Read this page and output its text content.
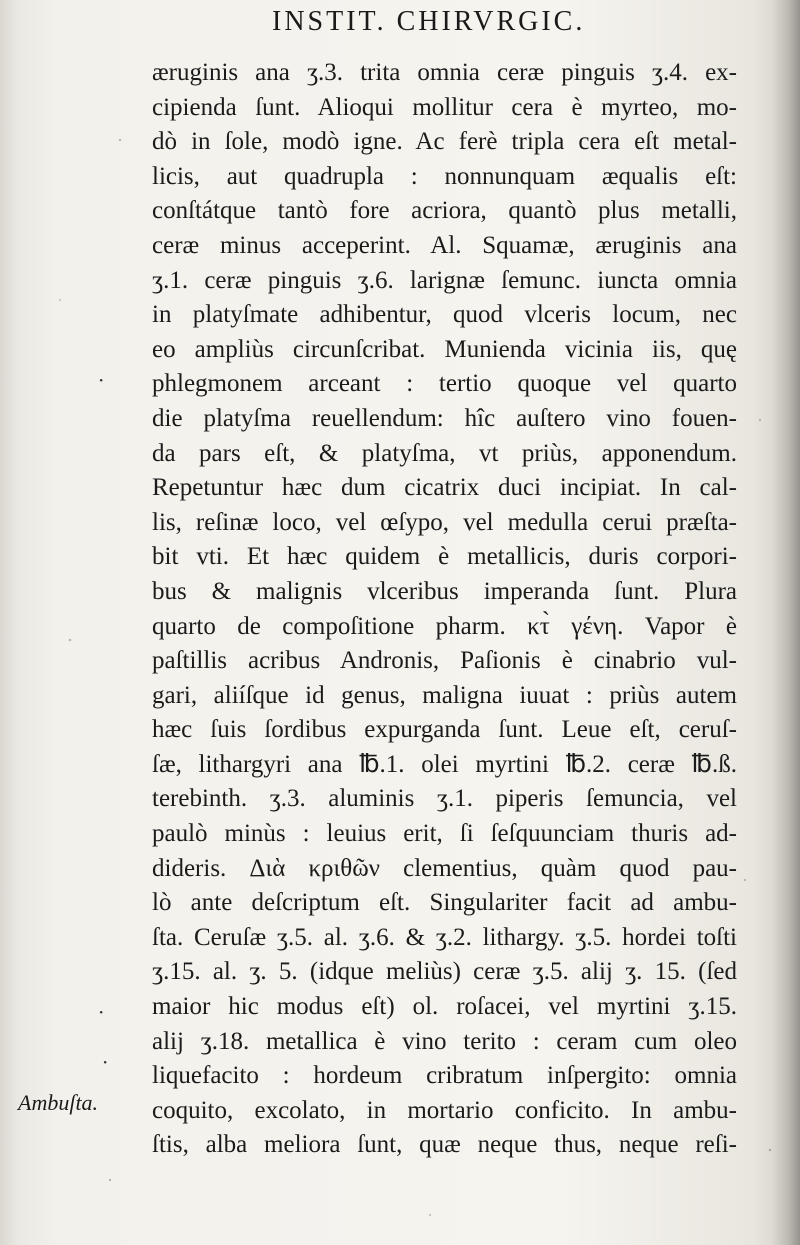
INSTIT. CHIRVRGIC.
æruginis ana ʒ.3. trita omnia ceræ pinguis ʒ.4. ex-
cipienda ſunt. Alioqui mollitur cera è myrteo, mo-
dò in ſole, modò igne. Ac ferè tripla cera eſt metal-
licis, aut quadrupla : nonnunquam æqualis eſt:
conſtátque tantò fore acriora, quantò plus metalli,
ceræ minus acceperint. Al. Squamæ, æruginis ana
ʒ.1. ceræ pinguis ʒ.6. larignæ ſemunc. iuncta omnia
in platyſmate adhibentur, quod vlceris locum, nec
eo ampliùs circunſcribat. Munienda vicinia iis, quę
phlegmonem arceant : tertio quoque vel quarto
die platyſma reuellendum: hîc auſtero vino fouen-
da pars eſt, & platyſma, vt priùs, apponendum.
Repetuntur hæc dum cicatrix duci incipiat. In cal-
lis, reſinæ loco, vel œſypo, vel medulla cerui præſta-
bit vti. Et hæc quidem è metallicis, duris corpori-
bus & malignis vlceribus imperanda ſunt. Plura
quarto de compoſitione pharm. κτ̀ γένη. Vapor è
paſtillis acribus Andronis, Paſionis è cinabrio vul-
gari, aliíſque id genus, maligna iuuat : priùs autem
hæc ſuis ſordibus expurganda ſunt. Leue eſt, ceruſ-
ſæ, lithargyri ana ℔.1. olei myrtini ℔.2. ceræ ℔.ß.
terebinth. ʒ.3. aluminis ʒ.1. piperis ſemuncia, vel
paulò minùs : leuius erit, ſi ſeſquunciam thuris ad-
dideris. Διὰ κριθῶν clementius, quàm quod pau-
lò ante deſcriptum eſt. Singulariter facit ad ambu-
ſta. Ceruſæ ʒ.5. al. ʒ.6. & ʒ.2. lithargy. ʒ.5. hordei toſti
ʒ.15. al. ʒ. 5. (idque meliùs) ceræ ʒ.5. alij ʒ. 15. (ſed
maior hic modus eſt) ol. roſacei, vel myrtini ʒ.15.
alij ʒ.18. metallica è vino terito : ceram cum oleo
liquefacito : hordeum cribratum inſpergito: omnia
coquito, excolato, in mortario conficito. In ambu-
ſtis, alba meliora ſunt, quæ neque thus, neque reſi-
·
·
·
Ambuſta.
